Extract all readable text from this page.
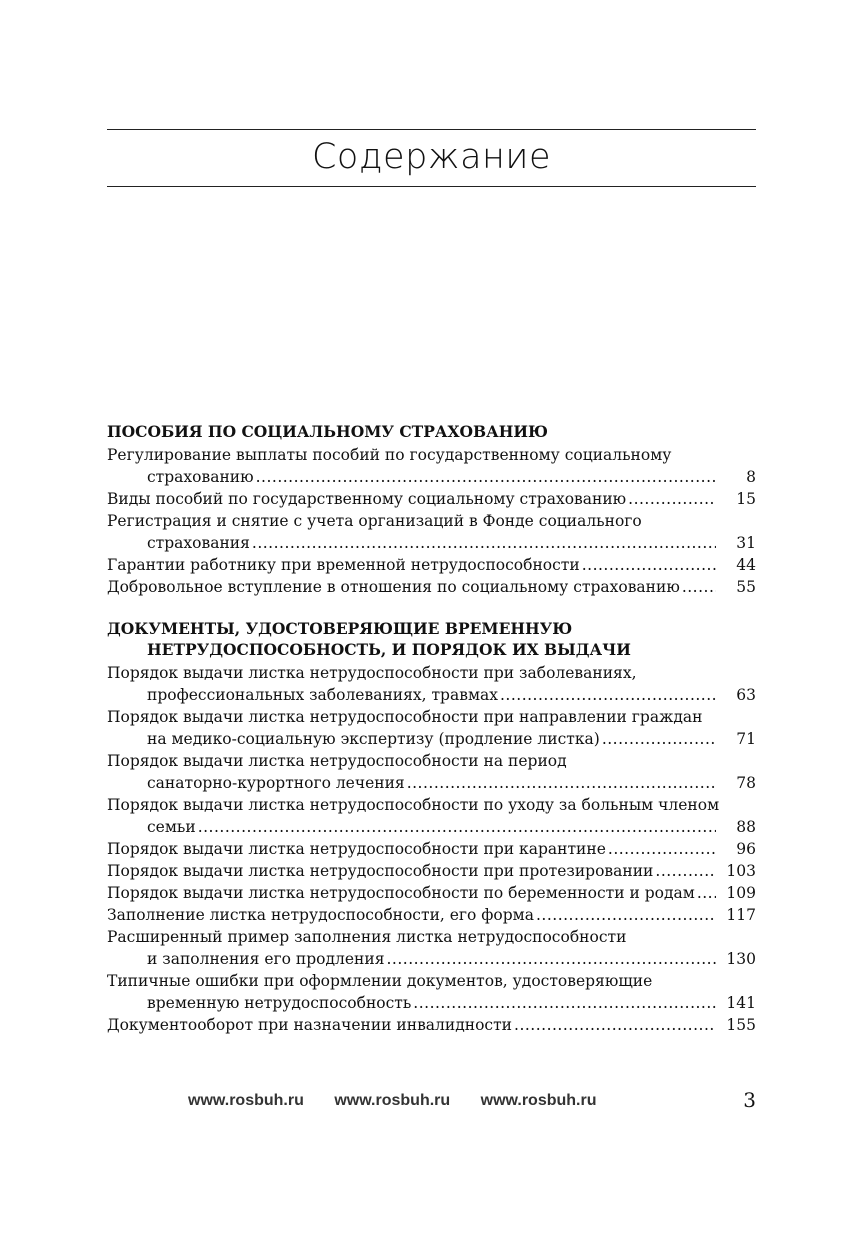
Содержание
ПОСОБИЯ ПО СОЦИАЛЬНОМУ СТРАХОВАНИЮ
Регулирование выплаты пособий по государственному социальному
страхованию .....	8
Виды пособий по государственному социальному страхованию .....	15
Регистрация и снятие с учета организаций в Фонде социального
страхования .....	31
Гарантии работнику при временной нетрудоспособности .....	44
Добровольное вступление в отношения по социальному страхованию .....	55
ДОКУМЕНТЫ, УДОСТОВЕРЯЮЩИЕ ВРЕМЕННУЮ

НЕТРУДОСПОСОБНОСТЬ, И ПОРЯДОК ИХ ВЫДАЧИ
Порядок выдачи листка нетрудоспособности при заболеваниях,
профессиональных заболеваниях, травмах .....	63
Порядок выдачи листка нетрудоспособности при направлении граждан
на медико-социальную экспертизу (продление листка) .....	71
Порядок выдачи листка нетрудоспособности на период
санаторно-курортного лечения .....	78
Порядок выдачи листка нетрудоспособности по уходу за больным членом
семьи .....	88
Порядок выдачи листка нетрудоспособности при карантине .....	96
Порядок выдачи листка нетрудоспособности при протезировании .....	103
Порядок выдачи листка нетрудоспособности по беременности и родам .....	109
Заполнение листка нетрудоспособности, его форма .....	117
Расширенный пример заполнения листка нетрудоспособности
и заполнения его продления .....	130
Типичные ошибки при оформлении документов, удостоверяющие
временную нетрудоспособность .....	141
Документооборот при назначении инвалидности .....	155
www.rosbuh.ru www.rosbuh.ru www.rosbuh.ru	3
